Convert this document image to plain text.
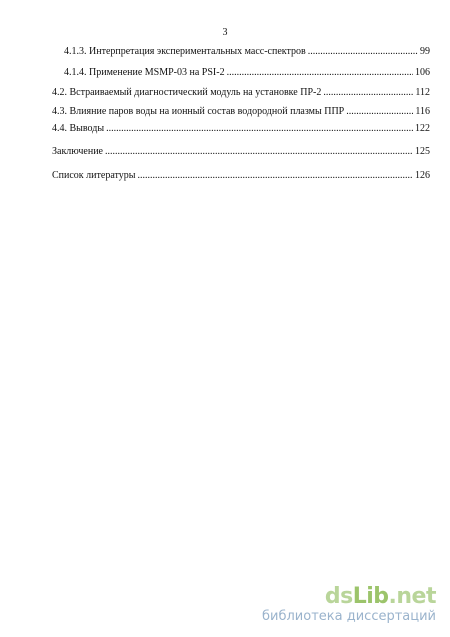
3
4.1.3. Интерпретация экспериментальных масс-спектров .....	99
4.1.4. Применение MSMP-03 на PSI-2 .....	106
4.2. Встраиваемый диагностический модуль на установке ПР-2 .....	112
4.3. Влияние паров воды на ионный состав водородной плазмы ППР .....	116
4.4. Выводы .....	122
Заключение .....	125
Список литературы .....	126
dsLib.net
библиотека диссертаций
